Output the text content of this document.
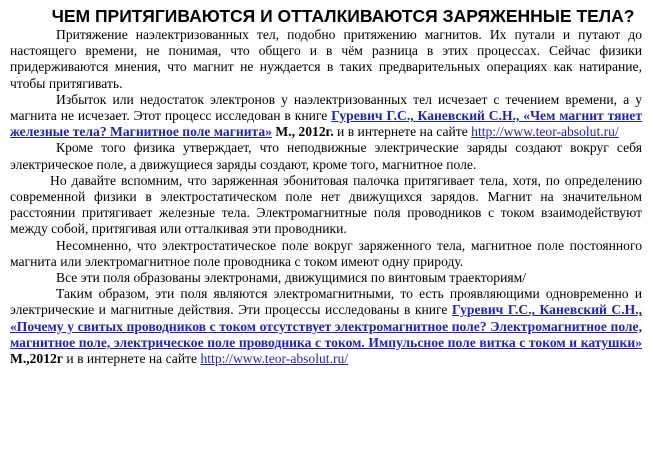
ЧЕМ ПРИТЯГИВАЮТСЯ И ОТТАЛКИВАЮТСЯ ЗАРЯЖЕННЫЕ ТЕЛА?

Притяжение наэлектризованных тел, подобно притяжению магнитов. Их путали и путают до настоящего времени, не понимая, что общего и в чём разница в этих процессах. Сейчас физики придерживаются мнения, что магнит не нуждается в таких предварительных операциях как натирание, чтобы притягивать.

Избыток или недостаток электронов у наэлектризованных тел исчезает с течением времени, а у магнита не исчезает. Этот процесс исследован в книге Гуревич Г.С., Каневский С.Н., «Чем магнит тянет железные тела? Магнитное поле магнита» М., 2012г. и в интернете на сайте http://www.teor-absolut.ru/

Кроме того физика утверждает, что неподвижные электрические заряды создают вокруг себя электрическое поле, а движущиеся заряды создают, кроме того, магнитное поле.

Но давайте вспомним, что заряженная эбонитовая палочка притягивает тела, хотя, по определению современной физики в электростатическом поле нет движущихся зарядов. Магнит на значительном расстоянии притягивает железные тела. Электромагнитные поля проводников с током взаимодействуют между собой, притягивая или отталкивая эти проводники.

Несомненно, что электростатическое поле вокруг заряженного тела, магнитное поле постоянного магнита или электромагнитное поле проводника с током имеют одну природу.

Все эти поля образованы электронами, движущимися по винтовым траекториям/

Таким образом, эти поля являются электромагнитными, то есть проявляющими одновременно и электрические и магнитные действия. Эти процессы исследованы в книге Гуревич Г.С., Каневский С.Н., «Почему у свитых проводников с током отсутствует электромагнитное поле? Электромагнитное поле, магнитное поле, электрическое поле проводника с током. Импульсное поле витка с током и катушки» М.,2012г и в интернете на сайте http://www.teor-absolut.ru/
